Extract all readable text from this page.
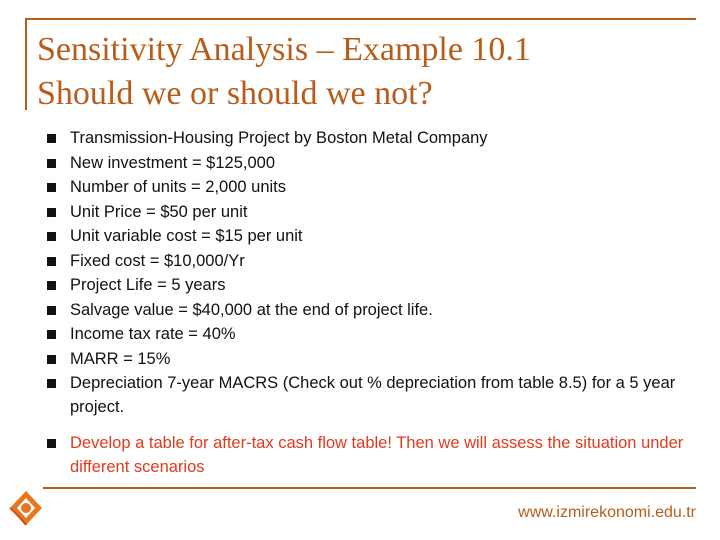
Sensitivity Analysis – Example 10.1
Should we or should we not?
Transmission-Housing Project by Boston Metal Company
New investment = $125,000
Number of units = 2,000 units
Unit Price = $50 per unit
Unit variable cost = $15 per unit
Fixed cost = $10,000/Yr
Project Life = 5 years
Salvage value = $40,000 at the end of project life.
Income tax rate = 40%
MARR = 15%
Depreciation 7-year MACRS (Check out % depreciation from table 8.5) for a 5 year project.
Develop a table for after-tax cash flow table! Then we will assess the situation under different scenarios
www.izmirekonomi.edu.tr
